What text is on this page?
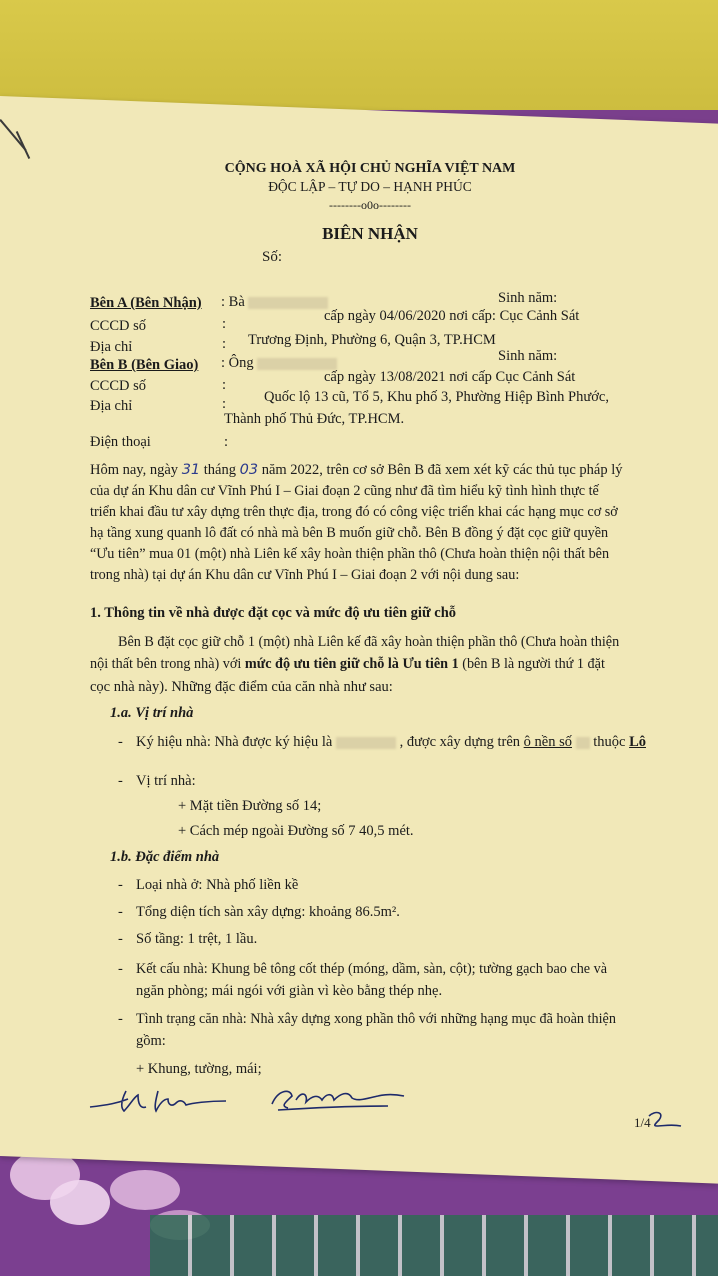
CỘNG HOÀ XÃ HỘI CHỦ NGHĨA VIỆT NAM
ĐỘC LẬP – TỰ DO – HẠNH PHÚC
--------o0o--------
BIÊN NHẬN
Số:
Bên A (Bên Nhận) : Bà	Sinh năm:
CCCD số	:	cấp ngày 04/06/2020 nơi cấp: Cục Cảnh Sát
Địa chỉ	: Trương Định, Phường 6, Quận 3, TP.HCM
Bên B (Bên Giao) : Ông	Sinh năm:
CCCD số	:	cấp ngày 13/08/2021 nơi cấp Cục Cảnh Sát
Địa chỉ	:	Quốc lộ 13 cũ, Tổ 5, Khu phố 3, Phường Hiệp Bình Phước,
Thành phố Thủ Đức, TP.HCM.
Điện thoại	:
Hôm nay, ngày 31 tháng 03 năm 2022, trên cơ sở Bên B đã xem xét kỹ các thủ tục pháp lý
của dự án Khu dân cư Vĩnh Phú I – Giai đoạn 2 cũng như đã tìm hiểu kỹ tình hình thực tế
triển khai đầu tư xây dựng trên thực địa, trong đó có công việc triển khai các hạng mục cơ sở
hạ tầng xung quanh lô đất có nhà mà bên B muốn giữ chỗ. Bên B đồng ý đặt cọc giữ quyền
“Ưu tiên” mua 01 (một) nhà Liên kế xây hoàn thiện phần thô (Chưa hoàn thiện nội thất bên
trong nhà) tại dự án Khu dân cư Vĩnh Phú I – Giai đoạn 2 với nội dung sau:
1. Thông tin về nhà được đặt cọc và mức độ ưu tiên giữ chỗ
Bên B đặt cọc giữ chỗ 1 (một) nhà Liên kế đã xây hoàn thiện phần thô (Chưa hoàn thiện
nội thất bên trong nhà) với mức độ ưu tiên giữ chỗ là Ưu tiên 1 (bên B là người thứ 1 đặt
cọc nhà này). Những đặc điểm của căn nhà như sau:
1.a. Vị trí nhà
- Ký hiệu nhà: Nhà được ký hiệu là	, được xây dựng trên ô nền số thuộc Lô
- Vị trí nhà:
+ Mặt tiền Đường số 14;
+ Cách mép ngoài Đường số 7 40,5 mét.
1.b. Đặc điểm nhà
- Loại nhà ở: Nhà phố liền kề
- Tổng diện tích sàn xây dựng: khoảng 86.5m².
- Số tầng: 1 trệt, 1 lầu.
- Kết cấu nhà: Khung bê tông cốt thép (móng, dầm, sàn, cột); tường gạch bao che và
ngăn phòng; mái ngói với giàn vì kèo bằng thép nhẹ.
- Tình trạng căn nhà: Nhà xây dựng xong phần thô với những hạng mục đã hoàn thiện
gồm:
+ Khung, tường, mái;
1/4
